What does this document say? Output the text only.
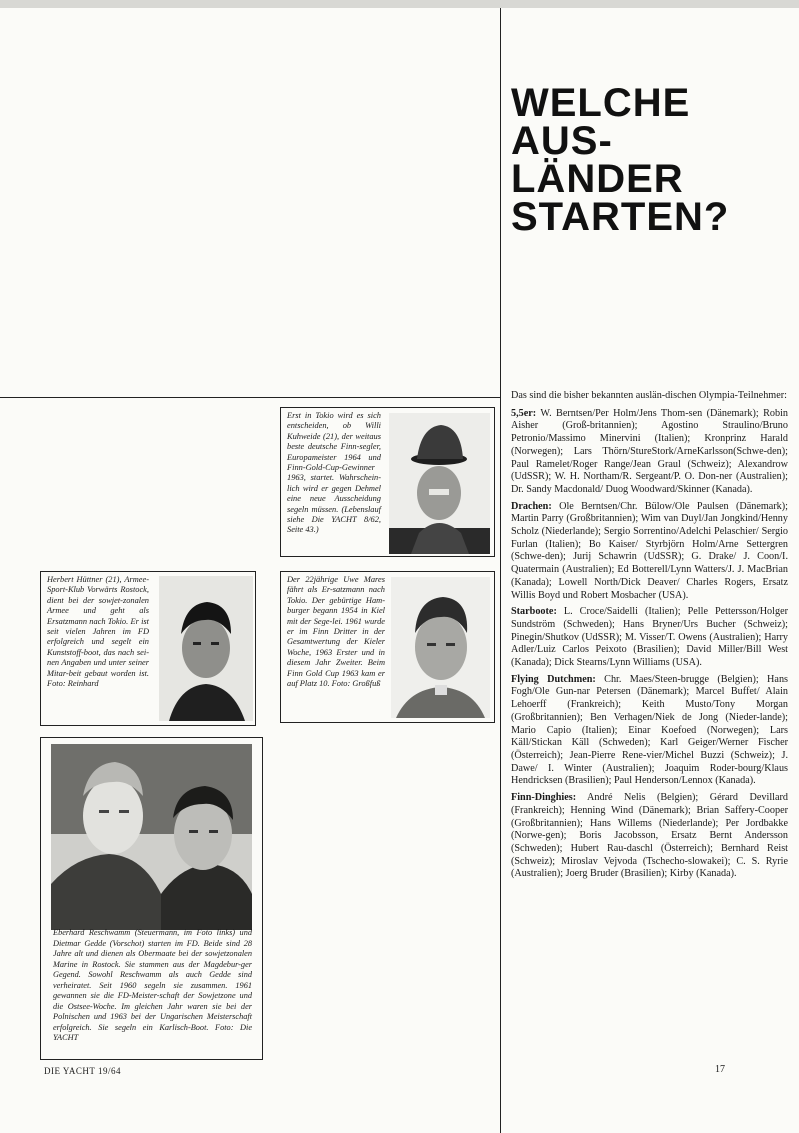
WELCHE
AUS-
LÄNDER
STARTEN?

Erst in Tokio wird es sich entscheiden, ob Willi Kuhweide (21), der weitaus beste deutsche Finn-segler, Europameister 1964 und Finn-Gold-Cup-Gewinner 1963, startet. Wahrschein-lich wird er gegen Dehmel eine neue Ausscheidung segeln müssen. (Lebenslauf siehe Die YACHT 8/62, Seite 43.)

Herbert Hüttner (21), Armee-Sport-Klub Vorwärts Rostock, dient bei der sowjet-zonalen Armee und geht als Ersatzmann nach Tokio. Er ist seit vielen Jahren im FD erfolgreich und segelt ein Kunststoff-boot, das nach sei-nen Angaben und unter seiner Mitar-beit gebaut worden ist. Foto: Reinhard

Der 22jährige Uwe Mares fährt als Er-satzmann nach Tokio. Der gebürtige Ham-burger begann 1954 in Kiel mit der Sege-lei. 1961 wurde er im Finn Dritter in der Gesamtwertung der Kieler Woche, 1963 Erster und in diesem Jahr Zweiter. Beim Finn Gold Cup 1963 kam er auf Platz 10. Foto: Großfuß

Eberhard Reschwamm (Steuermann, im Foto links) und Dietmar Gedde (Vorschot) starten im FD. Beide sind 28 Jahre alt und dienen als Obermaate bei der sowjetzonalen Marine in Rostock. Sie stammen aus der Magdebur-ger Gegend. Sowohl Reschwamm als auch Gedde sind verheiratet. Seit 1960 segeln sie zusammen. 1961 gewannen sie die FD-Meister-schaft der Sowjetzone und die Ostsee-Woche. Im gleichen Jahr waren sie bei der Polnischen und 1963 bei der Ungarischen Meisterschaft erfolgreich. Sie segeln ein Karlisch-Boot. Foto: Die YACHT

Das sind die bisher bekannten auslän-dischen Olympia-Teilnehmer:

5,5er: W. Berntsen/Per Holm/Jens Thom-sen (Dänemark); Robin Aisher (Groß-britannien); Agostino Straulino/Bruno Petronio/Massimo Minervini (Italien); Kronprinz Harald (Norwegen); Lars Thörn/StureStork/ArneKarlsson(Schwe-den); Paul Ramelet/Roger Range/Jean Graul (Schweiz); Alexandrow (UdSSR); W. H. Northam/R. Sergeant/P. O. Don-ner (Australien); Dr. Sandy Macdonald/ Duog Woodward/Skinner (Kanada).

Drachen: Ole Berntsen/Chr. Bülow/Ole Paulsen (Dänemark); Martin Parry (Großbritannien); Wim van Duyl/Jan Jongkind/Henny Scholz (Niederlande); Sergio Sorrentino/Adelchi Pelaschier/ Sergio Furlan (Italien); Bo Kaiser/ Styrbjörn Holm/Arne Settergren (Schwe-den); Jurij Schawrin (UdSSR); G. Drake/ J. Coon/I. Quatermain (Australien); Ed Botterell/Lynn Watters/J. J. MacBrian (Kanada); Lowell North/Dick Deaver/ Charles Rogers, Ersatz Willis Boyd und Robert Mosbacher (USA).

Starboote: L. Croce/Saidelli (Italien); Pelle Pettersson/Holger Sundström (Schweden); Hans Bryner/Urs Bucher (Schweiz); Pinegin/Shutkov (UdSSR); M. Visser/T. Owens (Australien); Harry Adler/Luiz Carlos Peixoto (Brasilien); David Miller/Bill West (Kanada); Dick Stearns/Lynn Williams (USA).

Flying Dutchmen: Chr. Maes/Steen-brugge (Belgien); Hans Fogh/Ole Gun-nar Petersen (Dänemark); Marcel Buffet/ Alain Lehoerff (Frankreich); Keith Musto/Tony Morgan (Großbritannien); Ben Verhagen/Niek de Jong (Nieder-lande); Mario Capio (Italien); Einar Koefoed (Norwegen); Lars Käll/Stickan Käll (Schweden); Karl Geiger/Werner Fischer (Österreich); Jean-Pierre Rene-vier/Michel Buzzi (Schweiz); J. Dawe/ I. Winter (Australien); Joaquim Roder-bourg/Klaus Hendricksen (Brasilien); Paul Henderson/Lennox (Kanada).

Finn-Dinghies: André Nelis (Belgien); Gérard Devillard (Frankreich); Henning Wind (Dänemark); Brian Saffery-Cooper (Großbritannien); Hans Willems (Niederlande); Per Jordbakke (Norwe-gen); Boris Jacobsson, Ersatz Bernt Andersson (Schweden); Hubert Rau-daschl (Österreich); Bernhard Reist (Schweiz); Miroslav Vejvoda (Tschecho-slowakei); C. S. Ryrie (Australien); Joerg Bruder (Brasilien); Kirby (Kanada).

DIE YACHT 19/64	17
